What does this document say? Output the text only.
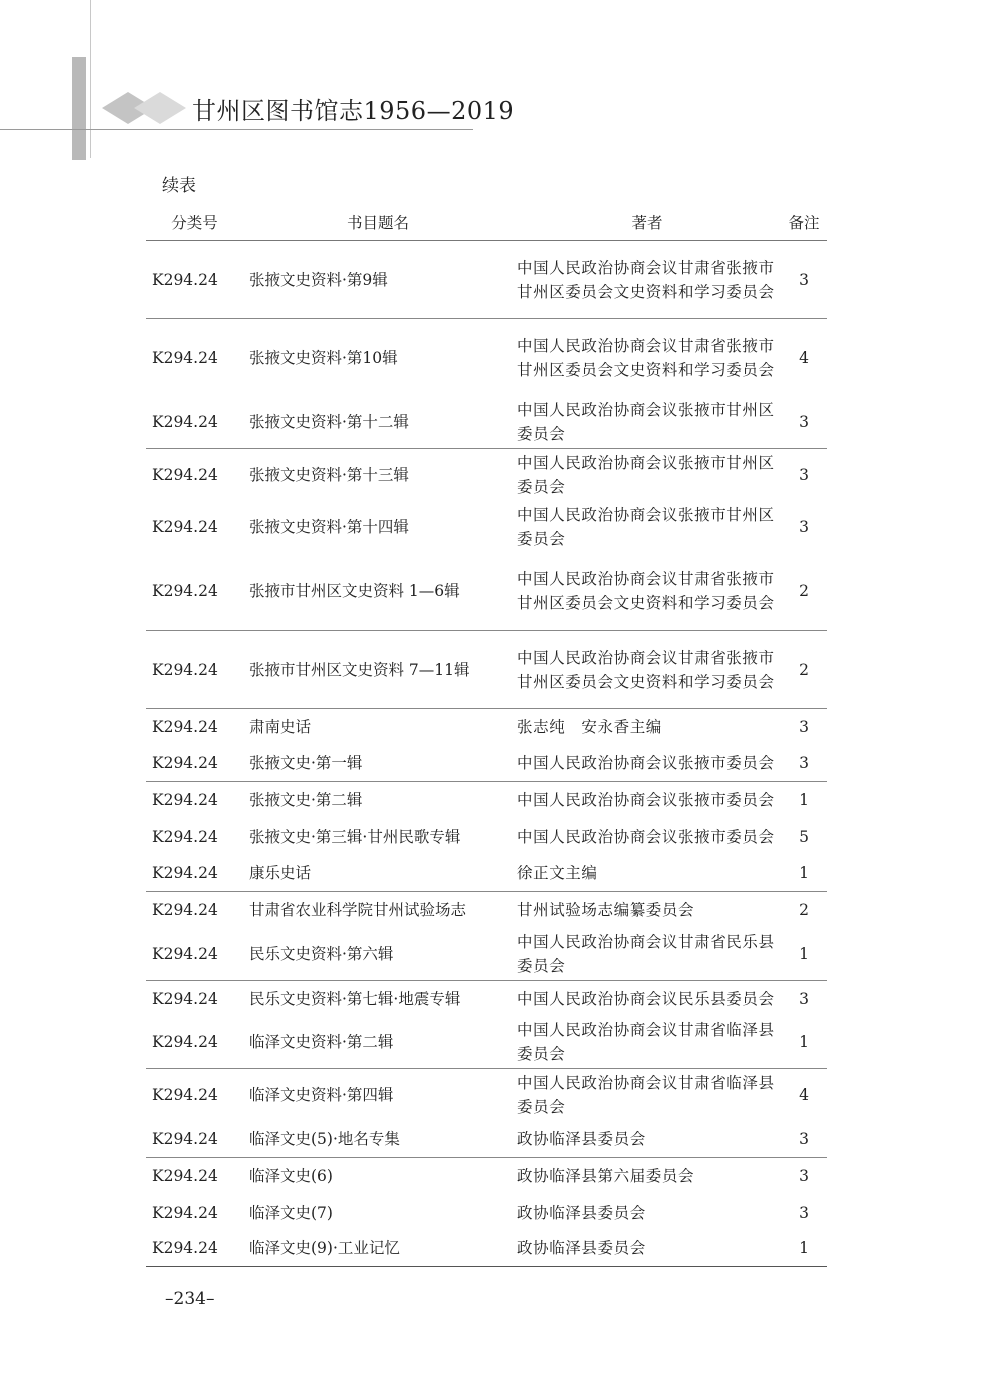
甘州区图书馆志1956—2019
续表
分类号	书目题名	著者	备注
K294.24	张掖文史资料·第9辑	中国人民政治协商会议甘肃省张掖市甘州区委员会文史资料和学习委员会	3
K294.24	张掖文史资料·第10辑	中国人民政治协商会议甘肃省张掖市甘州区委员会文史资料和学习委员会	4
K294.24	张掖文史资料·第十二辑	中国人民政治协商会议张掖市甘州区委员会	3
K294.24	张掖文史资料·第十三辑	中国人民政治协商会议张掖市甘州区委员会	3
K294.24	张掖文史资料·第十四辑	中国人民政治协商会议张掖市甘州区委员会	3
K294.24	张掖市甘州区文史资料 1—6辑	中国人民政治协商会议甘肃省张掖市甘州区委员会文史资料和学习委员会	2
K294.24	张掖市甘州区文史资料 7—11辑	中国人民政治协商会议甘肃省张掖市甘州区委员会文史资料和学习委员会	2
K294.24	肃南史话	张志纯　安永香主编	3
K294.24	张掖文史·第一辑	中国人民政治协商会议张掖市委员会	3
K294.24	张掖文史·第二辑	中国人民政治协商会议张掖市委员会	1
K294.24	张掖文史·第三辑·甘州民歌专辑	中国人民政治协商会议张掖市委员会	5
K294.24	康乐史话	徐正文主编	1
K294.24	甘肃省农业科学院甘州试验场志	甘州试验场志编纂委员会	2
K294.24	民乐文史资料·第六辑	中国人民政治协商会议甘肃省民乐县委员会	1
K294.24	民乐文史资料·第七辑·地震专辑	中国人民政治协商会议民乐县委员会	3
K294.24	临泽文史资料·第二辑	中国人民政治协商会议甘肃省临泽县委员会	1
K294.24	临泽文史资料·第四辑	中国人民政治协商会议甘肃省临泽县委员会	4
K294.24	临泽文史(5)·地名专集	政协临泽县委员会	3
K294.24	临泽文史(6)	政协临泽县第六届委员会	3
K294.24	临泽文史(7)	政协临泽县委员会	3
K294.24	临泽文史(9)·工业记忆	政协临泽县委员会	1
–234–
